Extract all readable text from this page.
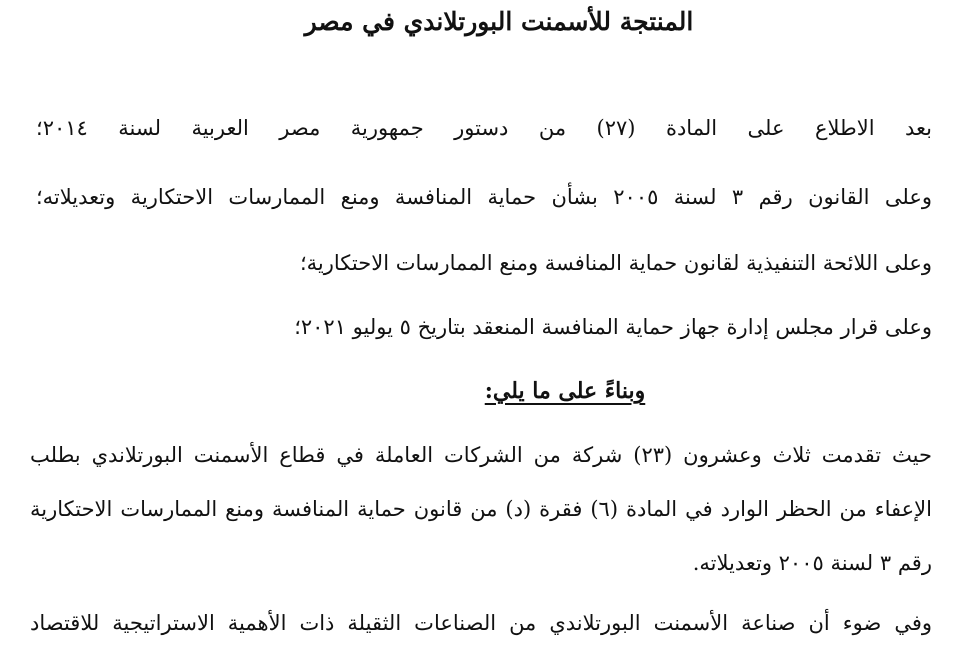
المنتجة للأسمنت البورتلاندي في مصر
بعد الاطلاع على المادة (٢٧) من دستور جمهورية مصر العربية لسنة ٢٠١٤؛
وعلى القانون رقم ٣ لسنة ٢٠٠٥ بشأن حماية المنافسة ومنع الممارسات الاحتكارية وتعديلاته؛
وعلى اللائحة التنفيذية لقانون حماية المنافسة ومنع الممارسات الاحتكارية؛
وعلى قرار مجلس إدارة جهاز حماية المنافسة المنعقد بتاريخ ٥ يوليو ٢٠٢١؛
وبناءً على ما يلي:
حيث تقدمت ثلاث وعشرون (٢٣) شركة من الشركات العاملة في قطاع الأسمنت البورتلاندي بطلب
الإعفاء من الحظر الوارد في المادة (٦) فقرة (د) من قانون حماية المنافسة ومنع الممارسات الاحتكارية
رقم ٣ لسنة ٢٠٠٥ وتعديلاته.
وفي ضوء أن صناعة الأسمنت البورتلاندي من الصناعات الثقيلة ذات الأهمية الاستراتيجية للاقتصاد
